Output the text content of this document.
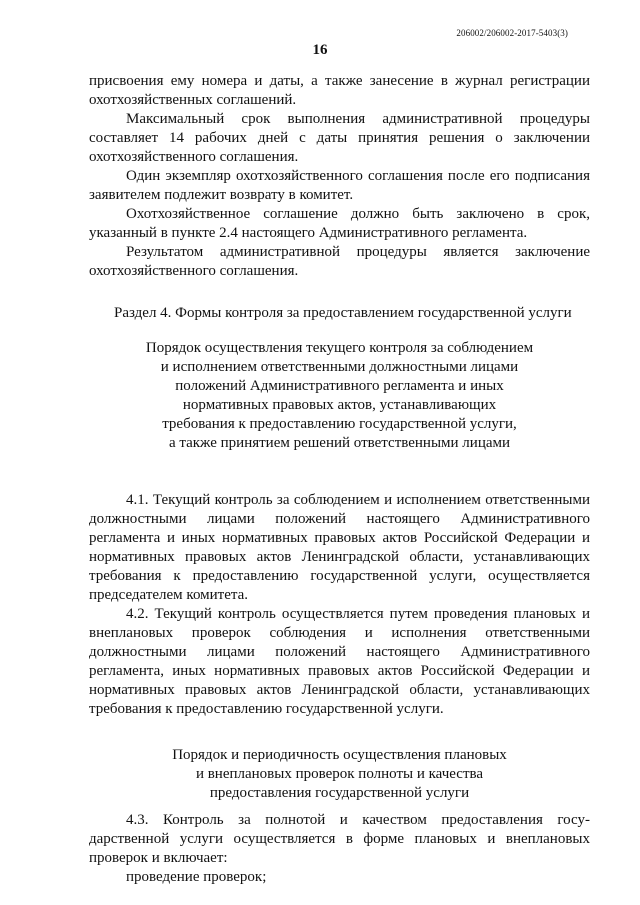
206002/206002-2017-5403(3)
16

присвоения ему номера и даты, а также занесение в журнал регистрации охотхозяйственных соглашений.

Максимальный срок выполнения административной процедуры составляет 14 рабочих дней с даты принятия решения о заключении охотхозяйственного соглашения.

Один экземпляр охотхозяйственного соглашения после его подписания заявителем подлежит возврату в комитет.

Охотхозяйственное соглашение должно быть заключено в срок, указанный в пункте 2.4 настоящего Административного регламента.

Результатом административной процедуры является заключение охотхозяйственного соглашения.

Раздел 4. Формы контроля за предоставлением государственной услуги

Порядок осуществления текущего контроля за соблюдением
и исполнением ответственными должностными лицами
положений Административного регламента и иных
нормативных правовых актов, устанавливающих
требования к предоставлению государственной услуги,
а также принятием решений ответственными лицами

4.1. Текущий контроль за соблюдением и исполнением ответственными должностными лицами положений настоящего Административного регламента и иных нормативных правовых актов Российской Федерации и нормативных правовых актов Ленинградской области, устанавливающих требования к предоставлению государственной услуги, осуществляется председателем комитета.

4.2. Текущий контроль осуществляется путем проведения плановых и внеплановых проверок соблюдения и исполнения ответственными должностными лицами положений настоящего Административного регламента, иных нормативных правовых актов Российской Федерации и нормативных правовых актов Ленинградской области, устанавливающих требования к предоставлению государственной услуги.

Порядок и периодичность осуществления плановых
и внеплановых проверок полноты и качества
предоставления государственной услуги

4.3. Контроль за полнотой и качеством предоставления госу- дарственной услуги осуществляется в форме плановых и внеплановых проверок и включает:

проведение проверок;
